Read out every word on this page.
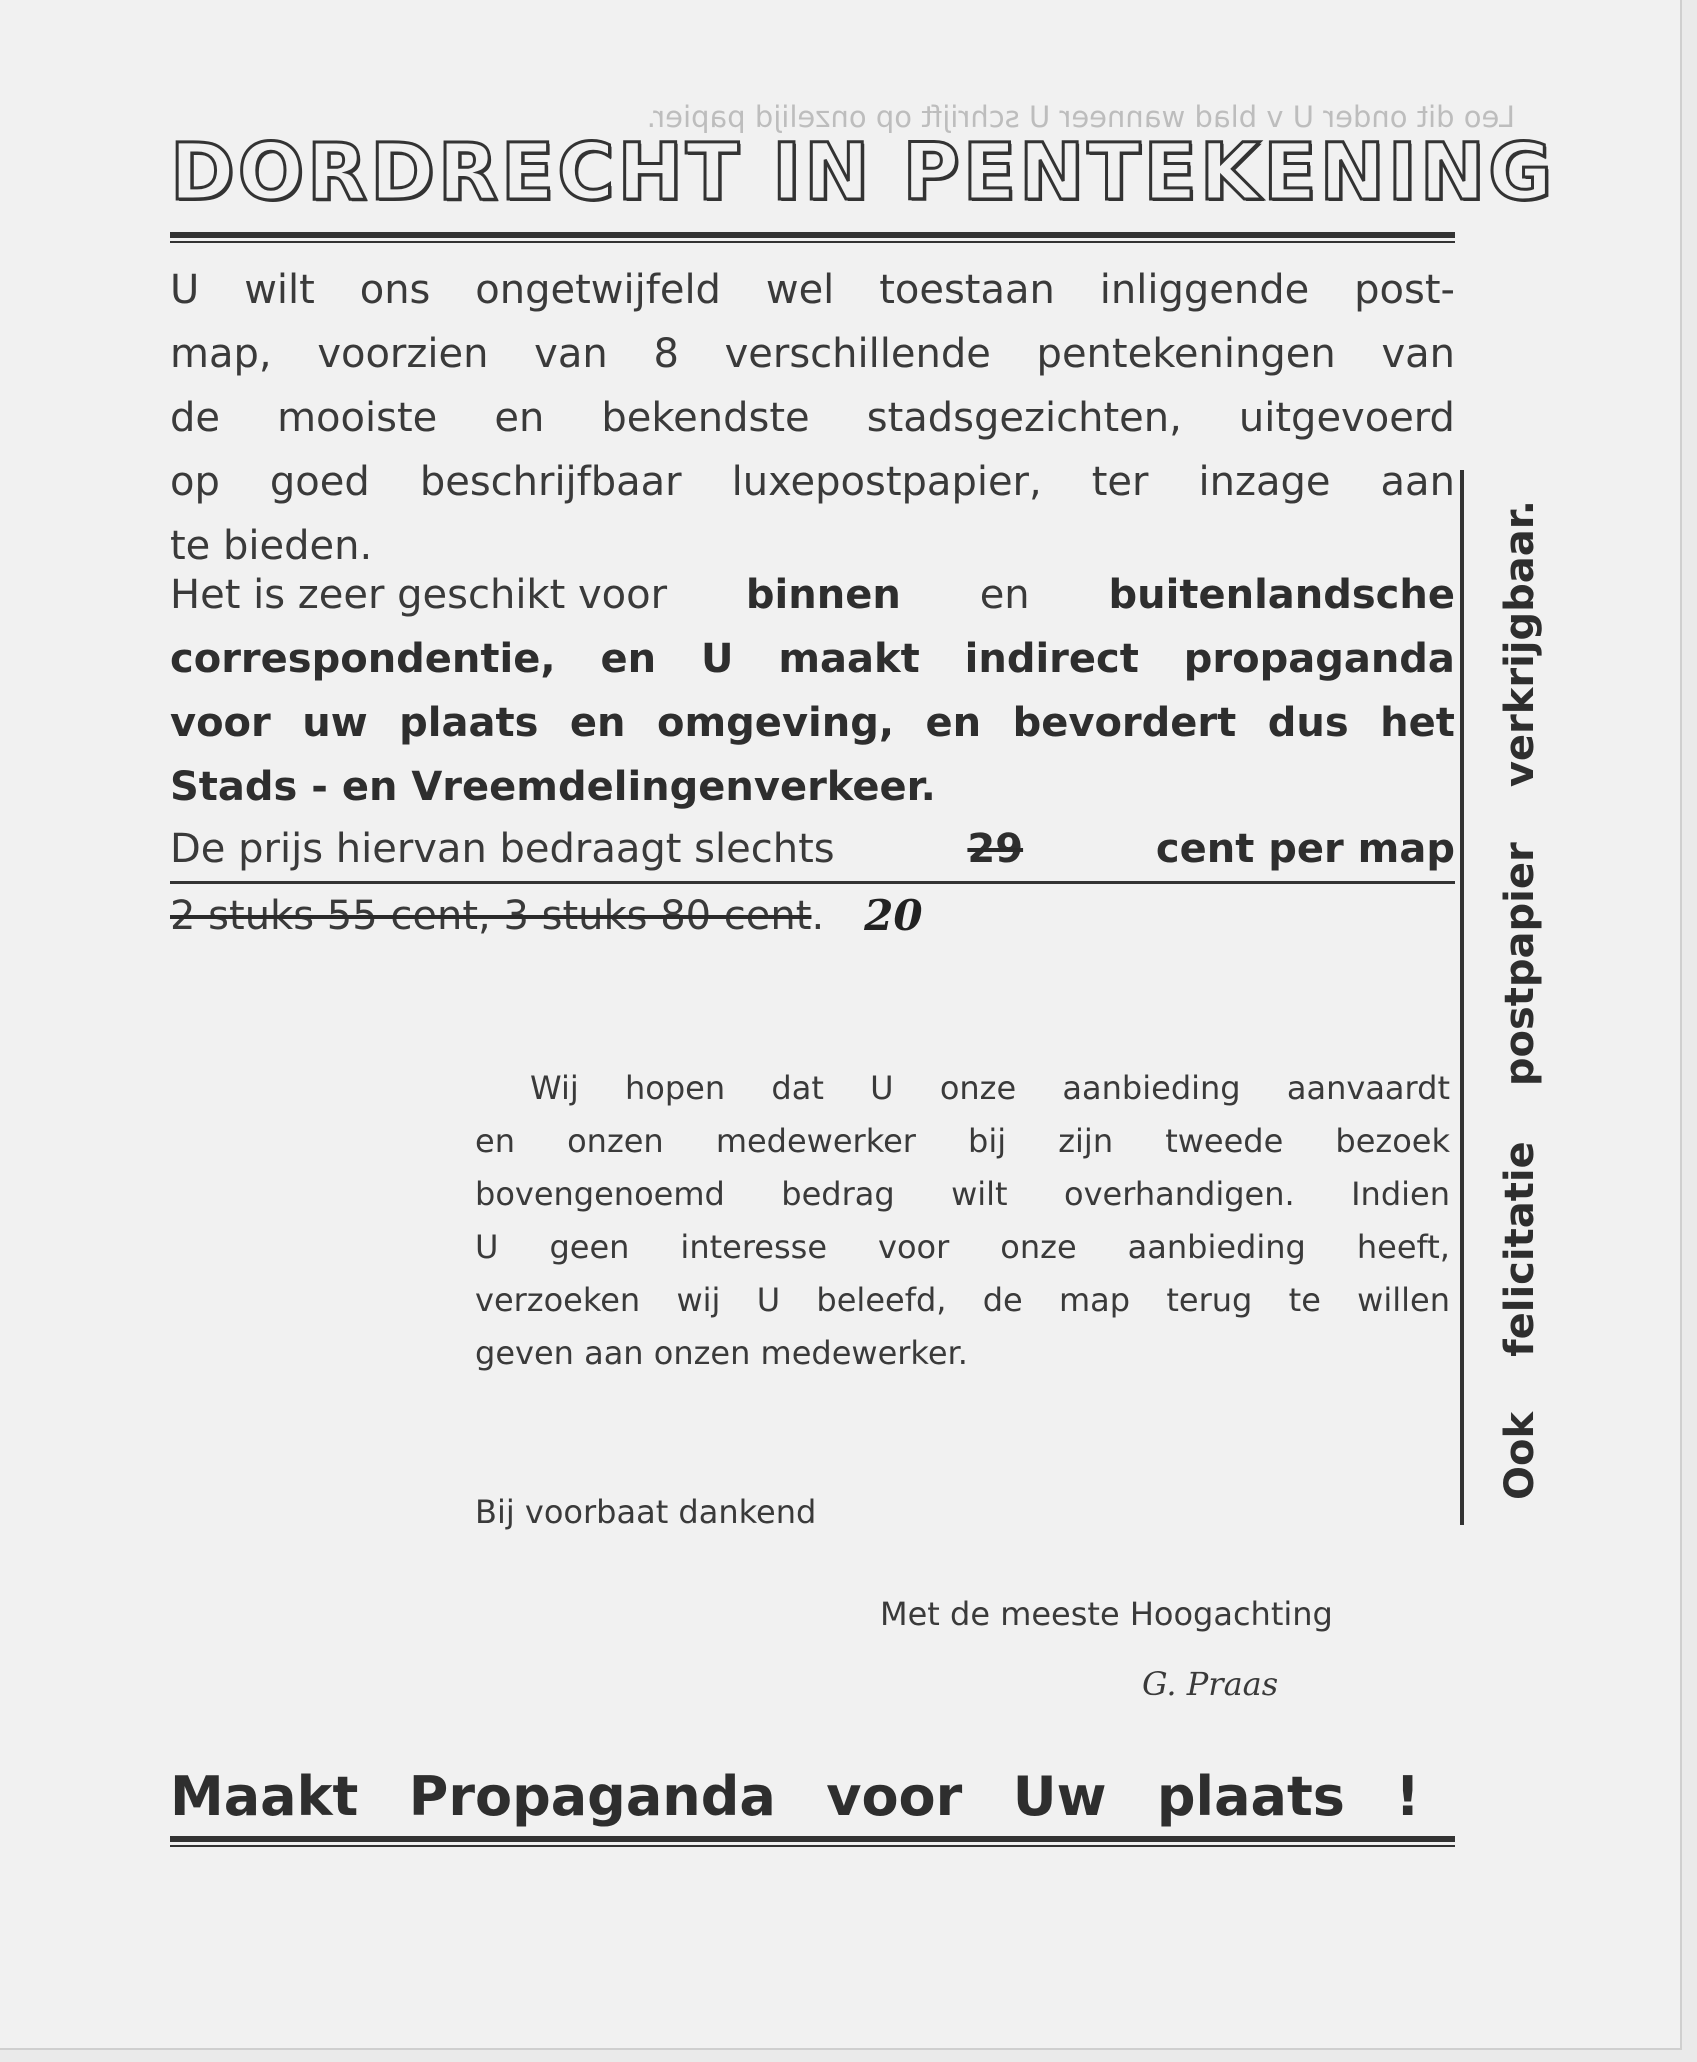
Leo dit onder U v blad wanneer U schrijft op onzelijd papier.
DORDRECHT IN PENTEKENING
U wilt ons ongetwijfeld wel toestaan inliggende post-
map, voorzien van 8 verschillende pentekeningen van
de mooiste en bekendste stadsgezichten, uitgevoerd
op goed beschrijfbaar luxepostpapier, ter inzage aan
te bieden.
Het is zeer geschikt voor binnen en buitenlandsche
correspondentie, en U maakt indirect propaganda
voor uw plaats en omgeving, en bevordert dus het
Stads - en Vreemdelingenverkeer.
De prijs hiervan bedraagt slechts	29	cent per map
2 stuks 55 cent, 3 stuks 80 cent . 20
Wij hopen dat U onze aanbieding aanvaardt
en onzen medewerker bij zijn tweede bezoek
bovengenoemd bedrag wilt overhandigen. Indien
U geen interesse voor onze aanbieding heeft,
verzoeken wij U beleefd, de map terug te willen
geven aan onzen medewerker.
Bij voorbaat dankend
Met de meeste Hoogachting
G. Praas
Maakt Propaganda voor Uw plaats !
Ook
felicitatie
postpapier
verkrijgbaar.
